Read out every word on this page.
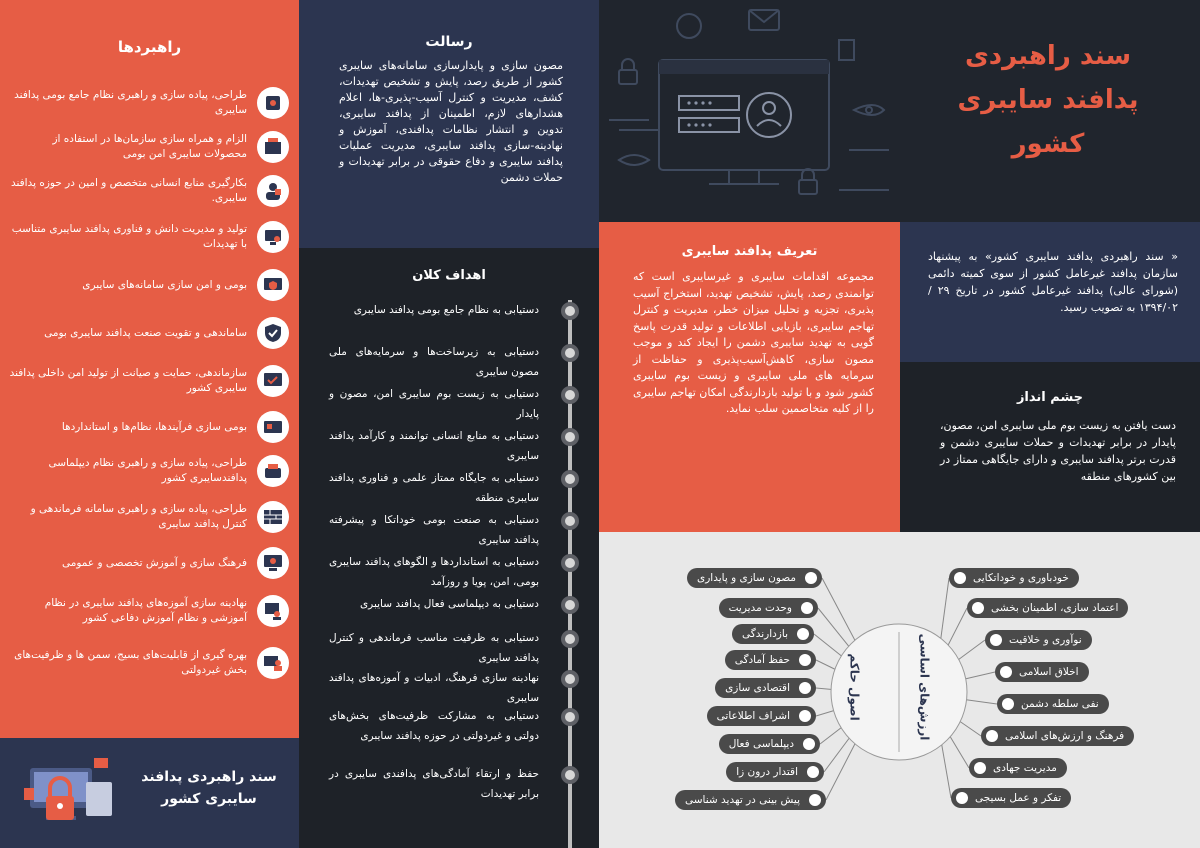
راهبردها
طراحی، پیاده سازی و راهبری نظام جامع بومی پدافند سایبری
الزام و همراه سازی سازمان‌ها در استفاده از محصولات سایبری امن بومی
بکارگیری منابع انسانی متخصص و امین در حوزه پدافند سایبری.
تولید و مدیریت دانش و فناوری پدافند سایبری متناسب با تهدیدات
بومی و امن سازی سامانه‌های سایبری
ساماندهی و تقویت صنعت پدافند سایبری بومی
سازماندهی، حمایت و صیانت از تولید امن داخلی پدافند سایبری کشور
بومی سازی فرآیندها، نظام‌ها و استانداردها
طراحی، پیاده سازی و راهبری نظام دیپلماسی پدافندسایبری کشور
طراحی، پیاده سازی و راهبری سامانه فرماندهی و کنترل پدافند سایبری
فرهنگ سازی و آموزش تخصصی و عمومی
نهادینه سازی آموزه‌های پدافند سایبری در نظام آموزشی و نظام آموزش دفاعی کشور
بهره گیری از قابلیت‌های بسیج، سمن ها و ظرفیت‌های بخش غیردولتی
سند راهبردی پدافند سایبری کشور
رسالت
مصون سازی و پایدارسازی سامانه‌های سایبری کشور از طریق رصد، پایش و تشخیص تهدیدات، کشف، مدیریت و کنترل آسیب-پذیری-ها، اعلام هشدارهای لازم، اطمینان از پدافند سایبری، تدوین و انتشار نظامات پدافندی، آموزش و نهادینه-سازی پدافند سایبری، مدیریت عملیات پدافند سایبری و دفاع حقوقی در برابر تهدیدات و حملات دشمن
اهداف کلان
دستیابی به نظام جامع بومی پدافند سایبری
دستیابی به زیرساخت‌ها و سرمایه‌های ملی مصون سایبری
دستیابی به زیست بوم سایبری امن، مصون و پایدار
دستیابی به منابع انسانی توانمند و کارآمد پدافند سایبری
دستیابی به جایگاه ممتاز علمی و فناوری پدافند سایبری منطقه
دستیابی به صنعت بومی خوداتکا و پیشرفته پدافند سایبری
دستیابی به استانداردها و الگوهای پدافند سایبری بومی، امن، پویا و روزآمد
دستیابی به دیپلماسی فعال پدافند سایبری
دستیابی به ظرفیت مناسب فرماندهی و کنترل پدافند سایبری
نهادینه سازی فرهنگ، ادبیات و آموزه‌های پدافند سایبری
دستیابی به مشارکت ظرفیت‌های بخش‌های دولتی و غیردولتی در حوزه پدافند سایبری
حفظ و ارتقاء آمادگی‌های پدافندی سایبری در برابر تهدیدات
سند راهبردی پدافند سایبری کشور
تعریف پدافند سایبری
مجموعه اقدامات سایبری و غیرسایبری است که توانمندی رصد، پایش، تشخیص تهدید، استخراج آسیب پذیری، تجزیه و تحلیل میزان خطر، مدیریت و کنترل تهاجم سایبری، بازیابی اطلاعات و تولید قدرت پاسخ گویی به تهدید سایبری دشمن را ایجاد کند و موجب مصون سازی، کاهش‌آسیب‌پذیری و حفاظت از سرمایه های ملی سایبری و زیست بوم سایبری کشور شود و با تولید بازدارندگی امکان تهاجم سایبری را از کلیه متخاصمین سلب نماید.
« سند راهبردی پدافند سایبری کشور» به پیشنهاد سازمان پدافند غیرعامل کشور از سوی کمیته دائمی (شورای عالی) پدافند غیرعامل کشور در تاریخ ۲۹ /۱۳۹۴/۰۲ به تصویب رسید.
چشم انداز
دست یافتن به زیست بوم ملی سایبری امن، مصون، پایدار در برابر تهدیدات و حملات سایبری دشمن و قدرت برتر پدافند سایبری و دارای جایگاهی ممتاز در بین کشورهای منطقه
خودباوری و خوداتکایی
اعتماد سازی، اطمینان بخشی
نوآوری و خلاقیت
اخلاق اسلامی
نفی سلطه دشمن
فرهنگ و ارزش‌های اسلامی
مدیریت جهادی
تفکر و عمل بسیجی
مصون سازی و پایداری
وحدت مدیریت
بازدارندگی
حفظ آمادگی
اقتصادی سازی
اشراف اطلاعاتی
دیپلماسی فعال
اقتدار درون زا
پیش بینی در تهدید شناسی
ارزش‌های اساسی
اصول حاکم
